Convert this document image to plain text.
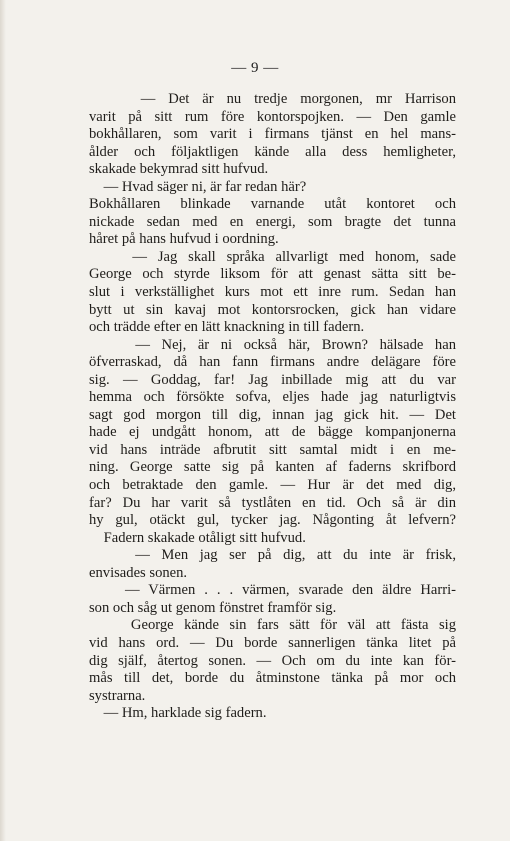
— 9 —
— Det är nu tredje morgonen, mr Harrison
varit på sitt rum före kontorspojken. — Den gamle
bokhållaren, som varit i firmans tjänst en hel mans-
ålder och följaktligen kände alla dess hemligheter,
skakade bekymrad sitt hufvud.
— Hvad säger ni, är far redan här?
Bokhållaren blinkade varnande utåt kontoret och
nickade sedan med en energi, som bragte det tunna
håret på hans hufvud i oordning.
— Jag skall språka allvarligt med honom, sade
George och styrde liksom för att genast sätta sitt be-
slut i verkställighet kurs mot ett inre rum. Sedan han
bytt ut sin kavaj mot kontorsrocken, gick han vidare
och trädde efter en lätt knackning in till fadern.
— Nej, är ni också här, Brown? hälsade han
öfverraskad, då han fann firmans andre delägare före
sig. — Goddag, far! Jag inbillade mig att du var
hemma och försökte sofva, eljes hade jag naturligtvis
sagt god morgon till dig, innan jag gick hit. — Det
hade ej undgått honom, att de bägge kompanjonerna
vid hans inträde afbrutit sitt samtal midt i en me-
ning. George satte sig på kanten af faderns skrifbord
och betraktade den gamle. — Hur är det med dig,
far? Du har varit så tystlåten en tid. Och så är din
hy gul, otäckt gul, tycker jag. Någonting åt lefvern?
Fadern skakade otåligt sitt hufvud.
— Men jag ser på dig, att du inte är frisk,
envisades sonen.
— Värmen . . . värmen, svarade den äldre Harri-
son och såg ut genom fönstret framför sig.
George kände sin fars sätt för väl att fästa sig
vid hans ord. — Du borde sannerligen tänka litet på
dig själf, återtog sonen. — Och om du inte kan för-
mås till det, borde du åtminstone tänka på mor och
systrarna.
— Hm, harklade sig fadern.
